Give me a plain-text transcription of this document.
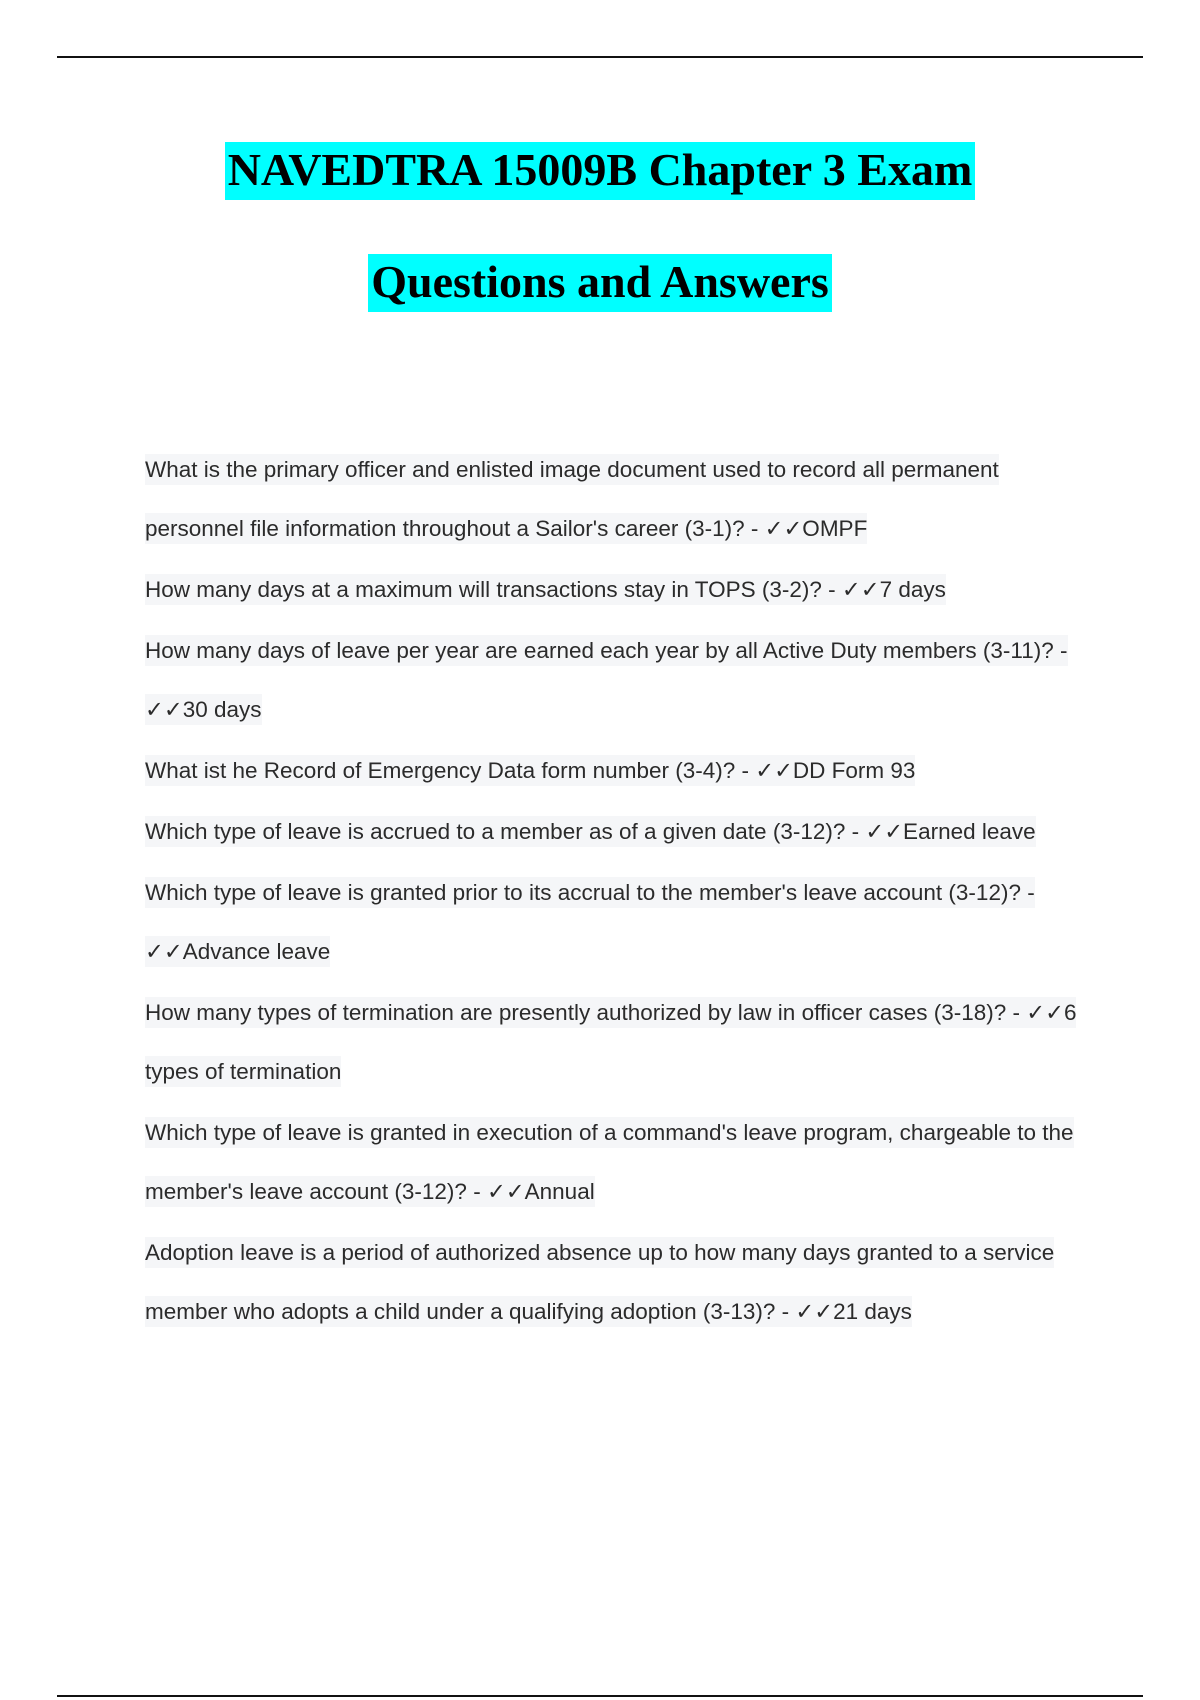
NAVEDTRA 15009B Chapter 3 Exam
Questions and Answers
What is the primary officer and enlisted image document used to record all permanent personnel file information throughout a Sailor's career (3-1)? - ✓✓OMPF
How many days at a maximum will transactions stay in TOPS (3-2)? - ✓✓7 days
How many days of leave per year are earned each year by all Active Duty members (3-11)? - ✓✓30 days
What ist he Record of Emergency Data form number (3-4)? - ✓✓DD Form 93
Which type of leave is accrued to a member as of a given date (3-12)? - ✓✓Earned leave
Which type of leave is granted prior to its accrual to the member's leave account (3-12)? - ✓✓Advance leave
How many types of termination are presently authorized by law in officer cases (3-18)? - ✓✓6 types of termination
Which type of leave is granted in execution of a command's leave program, chargeable to the member's leave account (3-12)? - ✓✓Annual
Adoption leave is a period of authorized absence up to how many days granted to a service member who adopts a child under a qualifying adoption (3-13)? - ✓✓21 days
